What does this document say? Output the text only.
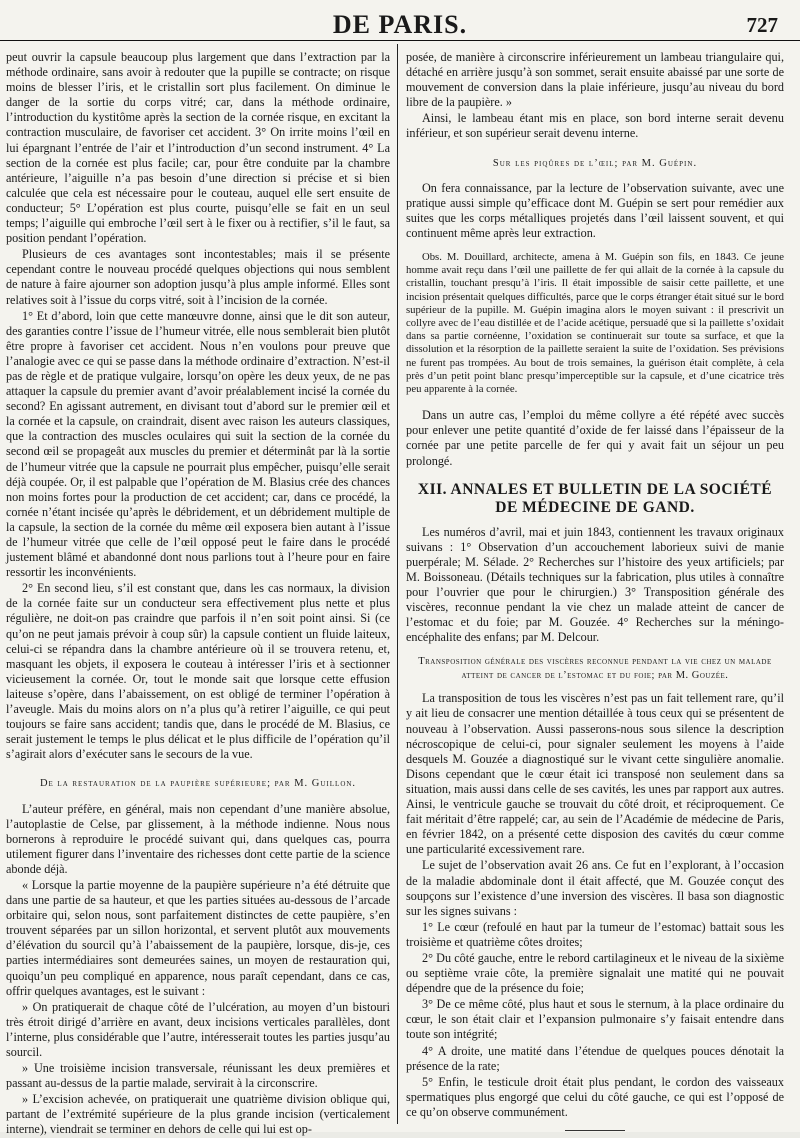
DE PARIS.	727

peut ouvrir la capsule beaucoup plus largement que dans l’extraction par la méthode ordinaire, sans avoir à redouter que la pupille se contracte; on risque moins de blesser l’iris, et le cristallin sort plus facilement. On diminue le danger de la sortie du corps vitré; car, dans la méthode ordinaire, l’introduction du kystitôme après la section de la cornée risque, en excitant la contraction musculaire, de favoriser cet accident. 3° On irrite moins l’œil en lui épargnant l’entrée de l’air et l’introduction d’un second instrument. 4° La section de la cornée est plus facile; car, pour être conduite par la chambre antérieure, l’aiguille n’a pas besoin d’une direction si précise et si bien calculée que cela est nécessaire pour le couteau, auquel elle sert ensuite de conducteur; 5° L’opération est plus courte, puisqu’elle se fait en un seul temps; l’aiguille qui embroche l’œil sert à le fixer ou à rectifier, s’il le faut, sa position pendant l’opération.

Plusieurs de ces avantages sont incontestables; mais il se présente cependant contre le nouveau procédé quelques objections qui nous semblent de nature à faire ajourner son adoption jusqu’à plus ample informé. Elles sont relatives soit à l’issue du corps vitré, soit à l’incision de la cornée.

1° Et d’abord, loin que cette manœuvre donne, ainsi que le dit son auteur, des garanties contre l’issue de l’humeur vitrée, elle nous semblerait bien plutôt être propre à favoriser cet accident. Nous n’en voulons pour preuve que l’analogie avec ce qui se passe dans la méthode ordinaire d’extraction. N’est-il pas de règle et de pratique vulgaire, lorsqu’on opère les deux yeux, de ne pas attaquer la capsule du premier avant d’avoir préalablement incisé la cornée du second? En agissant autrement, en divisant tout d’abord sur le premier œil et la cornée et la capsule, on craindrait, disent avec raison les auteurs classiques, que la contraction des muscles oculaires qui suit la section de la cornée du second œil se propageât aux muscles du premier et déterminât par là la sortie de l’humeur vitrée que la capsule ne pourrait plus empêcher, puisqu’elle serait déjà coupée. Or, il est palpable que l’opération de M. Blasius crée des chances non moins fortes pour la production de cet accident; car, dans ce procédé, la cornée n’étant incisée qu’après le débridement, et un débridement multiple de la capsule, la section de la cornée du même œil exposera bien autant à l’issue de l’humeur vitrée que celle de l’œil opposé peut le faire dans le procédé justement blâmé et abandonné dont nous parlions tout à l’heure pour en faire ressortir les inconvénients.

2° En second lieu, s’il est constant que, dans les cas normaux, la division de la cornée faite sur un conducteur sera effectivement plus nette et plus régulière, ne doit-on pas craindre que parfois il n’en soit point ainsi. Si (ce qu’on ne peut jamais prévoir à coup sûr) la capsule contient un fluide laiteux, celui-ci se répandra dans la chambre antérieure où il se trouvera retenu, et, masquant les objets, il exposera le couteau à intéresser l’iris et à sectionner vicieusement la cornée. Or, tout le monde sait que lorsque cette effusion laiteuse s’opère, dans l’abaissement, on est obligé de terminer l’opération à l’aveugle. Mais du moins alors on n’a plus qu’à retirer l’aiguille, ce qui peut toujours se faire sans accident; tandis que, dans le procédé de M. Blasius, ce serait justement le temps le plus délicat et le plus difficile de l’opération qu’il s’agirait alors d’exécuter sans le secours de la vue.

De la restauration de la paupière supérieure; par M. Guillon.

L’auteur préfère, en général, mais non cependant d’une manière absolue, l’autoplastie de Celse, par glissement, à la méthode indienne. Nous nous bornerons à reproduire le procédé suivant qui, dans quelques cas, pourra utilement figurer dans l’inventaire des richesses dont cette partie de la science abonde déjà.

« Lorsque la partie moyenne de la paupière supérieure n’a été détruite que dans une partie de sa hauteur, et que les parties situées au-dessous de l’arcade orbitaire qui, selon nous, sont parfaitement distinctes de cette paupière, s’en trouvent séparées par un sillon horizontal, et servent plutôt aux mouvements d’élévation du sourcil qu’à l’abaissement de la paupière, lorsque, dis-je, ces parties intermédiaires sont demeurées saines, un moyen de restauration qui, quoiqu’un peu compliqué en apparence, nous paraît cependant, dans ce cas, offrir quelques avantages, est le suivant :

» On pratiquerait de chaque côté de l’ulcération, au moyen d’un bistouri très étroit dirigé d’arrière en avant, deux incisions verticales parallèles, dont l’interne, plus considérable que l’autre, intéresserait toutes les parties jusqu’au sourcil.

» Une troisième incision transversale, réunissant les deux premières et passant au-dessus de la partie malade, servirait à la circonscrire.

» L’excision achevée, on pratiquerait une quatrième division oblique qui, partant de l’extrémité supérieure de la plus grande incision (verticalement interne), viendrait se terminer en dehors de celle qui lui est op-

posée, de manière à circonscrire inférieurement un lambeau triangulaire qui, détaché en arrière jusqu’à son sommet, serait ensuite abaissé par une sorte de mouvement de conversion dans la plaie inférieure, jusqu’au niveau du bord libre de la paupière. »

Ainsi, le lambeau étant mis en place, son bord interne serait devenu inférieur, et son supérieur serait devenu interne.

Sur les piqûres de l’œil; par M. Guépin.

On fera connaissance, par la lecture de l’observation suivante, avec une pratique aussi simple qu’efficace dont M. Guépin se sert pour remédier aux suites que les corps métalliques projetés dans l’œil laissent souvent, et qui continuent même après leur extraction.

Obs. M. Douillard, architecte, amena à M. Guépin son fils, en 1843. Ce jeune homme avait reçu dans l’œil une paillette de fer qui allait de la cornée à la capsule du cristallin, touchant presqu’à l’iris. Il était impossible de saisir cette paillette, et une incision présentait quelques difficultés, parce que le corps étranger était situé sur le bord supérieur de la pupille. M. Guépin imagina alors le moyen suivant : il prescrivit un collyre avec de l’eau distillée et de l’acide acétique, persuadé que si la paillette s’oxidait dans sa partie cornéenne, l’oxidation se continuerait sur toute sa surface, et que la dissolution et la résorption de la paillette seraient la suite de l’oxidation. Ses prévisions ne furent pas trompées. Au bout de trois semaines, la guérison était complète, à cela près d’un petit point blanc presqu’imperceptible sur la capsule, et d’une cicatrice très peu apparente à la cornée.

Dans un autre cas, l’emploi du même collyre a été répété avec succès pour enlever une petite quantité d’oxide de fer laissé dans l’épaisseur de la cornée par une petite parcelle de fer qui y avait fait un séjour un peu prolongé.

XII. ANNALES ET BULLETIN DE LA SOCIÉTÉ DE MÉDECINE DE GAND.

Les numéros d’avril, mai et juin 1843, contiennent les travaux originaux suivans : 1° Observation d’un accouchement laborieux suivi de manie puerpérale; M. Sélade. 2° Recherches sur l’histoire des yeux artificiels; par M. Boissoneau. (Détails techniques sur la fabrication, plus utiles à connaître pour l’ouvrier que pour le chirurgien.) 3° Transposition générale des viscères, reconnue pendant la vie chez un malade atteint de cancer de l’estomac et du foie; par M. Gouzée. 4° Recherches sur la méningo-encéphalite des enfans; par M. Delcour.

Transposition générale des viscères reconnue pendant la vie chez un malade atteint de cancer de l’estomac et du foie; par M. Gouzée.

La transposition de tous les viscères n’est pas un fait tellement rare, qu’il y ait lieu de consacrer une mention détaillée à tous ceux qui se présentent de nouveau à l’observation. Aussi passerons-nous sous silence la description nécroscopique de celui-ci, pour signaler seulement les moyens à l’aide desquels M. Gouzée a diagnostiqué sur le vivant cette singulière anomalie. Disons cependant que le cœur était ici transposé non seulement dans sa situation, mais aussi dans celle de ses cavités, les unes par rapport aux autres. Ainsi, le ventricule gauche se trouvait du côté droit, et réciproquement. Ce fait méritait d’être rappelé; car, au sein de l’Académie de médecine de Paris, en février 1842, on a présenté cette disposion des cavités du cœur comme une particularité excessivement rare.

Le sujet de l’observation avait 26 ans. Ce fut en l’explorant, à l’occasion de la maladie abdominale dont il était affecté, que M. Gouzée conçut des soupçons sur l’existence d’une inversion des viscères. Il basa son diagnostic sur les signes suivans :

1° Le cœur (refoulé en haut par la tumeur de l’estomac) battait sous les troisième et quatrième côtes droites;

2° Du côté gauche, entre le rebord cartilagineux et le niveau de la sixième ou septième vraie côte, la première signalait une matité qui ne pouvait dépendre que de la présence du foie;

3° De ce même côté, plus haut et sous le sternum, à la place ordinaire du cœur, le son était clair et l’expansion pulmonaire s’y faisait entendre dans toute son intégrité;

4° A droite, une matité dans l’étendue de quelques pouces dénotait la présence de la rate;

5° Enfin, le testicule droit était plus pendant, le cordon des vaisseaux spermatiques plus engorgé que celui du côté gauche, ce qui est l’opposé de ce qu’on observe communément.
